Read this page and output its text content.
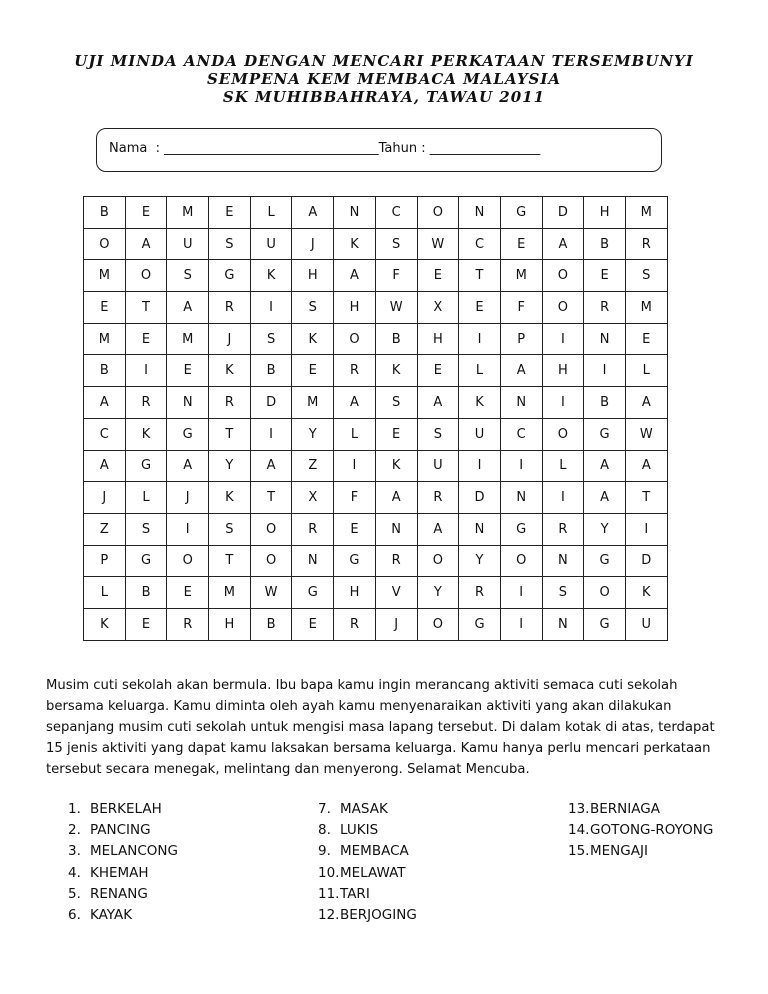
UJI MINDA ANDA DENGAN MENCARI PERKATAAN TERSEMBUNYI
SEMPENA KEM MEMBACA MALAYSIA
SK MUHIBBAHRAYA, TAWAU 2011
Nama  : _________________________________Tahun : _________________
B	E	M	E	L	A	N	C	O	N	G	D	H	M
O	A	U	S	U	J	K	S	W	C	E	A	B	R
M	O	S	G	K	H	A	F	E	T	M	O	E	S
E	T	A	R	I	S	H	W	X	E	F	O	R	M
M	E	M	J	S	K	O	B	H	I	P	I	N	E
B	I	E	K	B	E	R	K	E	L	A	H	I	L
A	R	N	R	D	M	A	S	A	K	N	I	B	A
C	K	G	T	I	Y	L	E	S	U	C	O	G	W
A	G	A	Y	A	Z	I	K	U	I	I	L	A	A
J	L	J	K	T	X	F	A	R	D	N	I	A	T
Z	S	I	S	O	R	E	N	A	N	G	R	Y	I
P	G	O	T	O	N	G	R	O	Y	O	N	G	D
L	B	E	M	W	G	H	V	Y	R	I	S	O	K
K	E	R	H	B	E	R	J	O	G	I	N	G	U

Musim cuti sekolah akan bermula. Ibu bapa kamu ingin merancang aktiviti semaca cuti sekolah

bersama keluarga. Kamu diminta oleh ayah kamu menyenaraikan aktiviti yang akan dilakukan

sepanjang musim cuti sekolah untuk mengisi masa lapang tersebut. Di dalam kotak di atas, terdapat

15 jenis aktiviti yang dapat kamu laksakan bersama keluarga. Kamu hanya perlu mencari perkataan

tersebut secara menegak, melintang dan menyerong. Selamat Mencuba.

1. BERKELAH
2. PANCING
3. MELANCONG
4. KHEMAH
5. RENANG
6. KAYAK
7. MASAK
8. LUKIS
9. MEMBACA
10.MELAWAT
11.TARI
12.BERJOGING
13.BERNIAGA
14.GOTONG-ROYONG
15.MENGAJI
